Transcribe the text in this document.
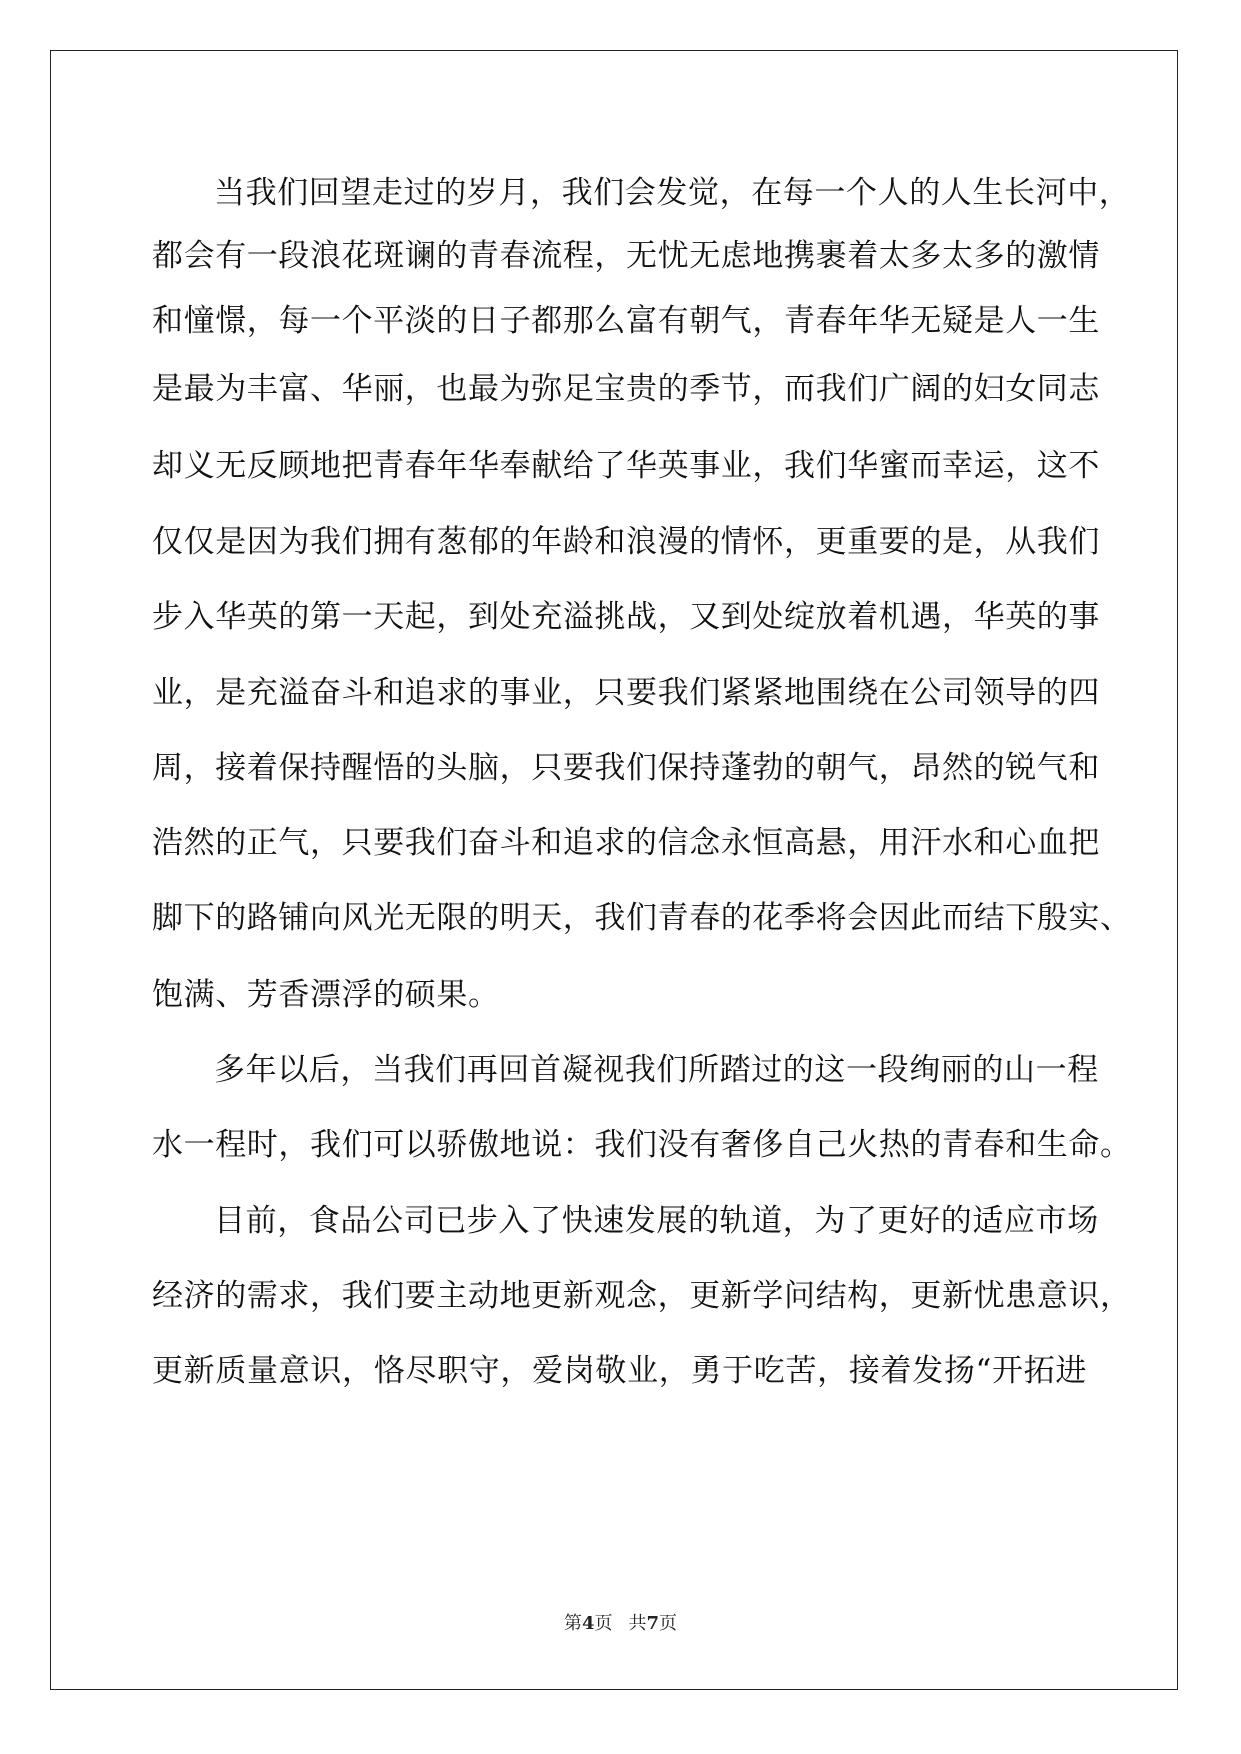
当我们回望走过的岁月，我们会发觉，在每一个人的人生长河中，
都会有一段浪花斑谰的青春流程，无忧无虑地携裹着太多太多的激情
和憧憬，每一个平淡的日子都那么富有朝气，青春年华无疑是人一生
是最为丰富、华丽，也最为弥足宝贵的季节，而我们广阔的妇女同志
却义无反顾地把青春年华奉献给了华英事业，我们华蜜而幸运，这不
仅仅是因为我们拥有葱郁的年龄和浪漫的情怀，更重要的是，从我们
步入华英的第一天起，到处充溢挑战，又到处绽放着机遇，华英的事
业，是充溢奋斗和追求的事业，只要我们紧紧地围绕在公司领导的四
周，接着保持醒悟的头脑，只要我们保持蓬勃的朝气，昂然的锐气和
浩然的正气，只要我们奋斗和追求的信念永恒高悬，用汗水和心血把
脚下的路铺向风光无限的明天，我们青春的花季将会因此而结下殷实、
饱满、芳香漂浮的硕果。
多年以后，当我们再回首凝视我们所踏过的这一段绚丽的山一程
水一程时，我们可以骄傲地说：我们没有奢侈自己火热的青春和生命。
目前，食品公司已步入了快速发展的轨道，为了更好的适应市场
经济的需求，我们要主动地更新观念，更新学问结构，更新忧患意识，
更新质量意识，恪尽职守，爱岗敬业，勇于吃苦，接着发扬“开拓进
第4页 共7页
